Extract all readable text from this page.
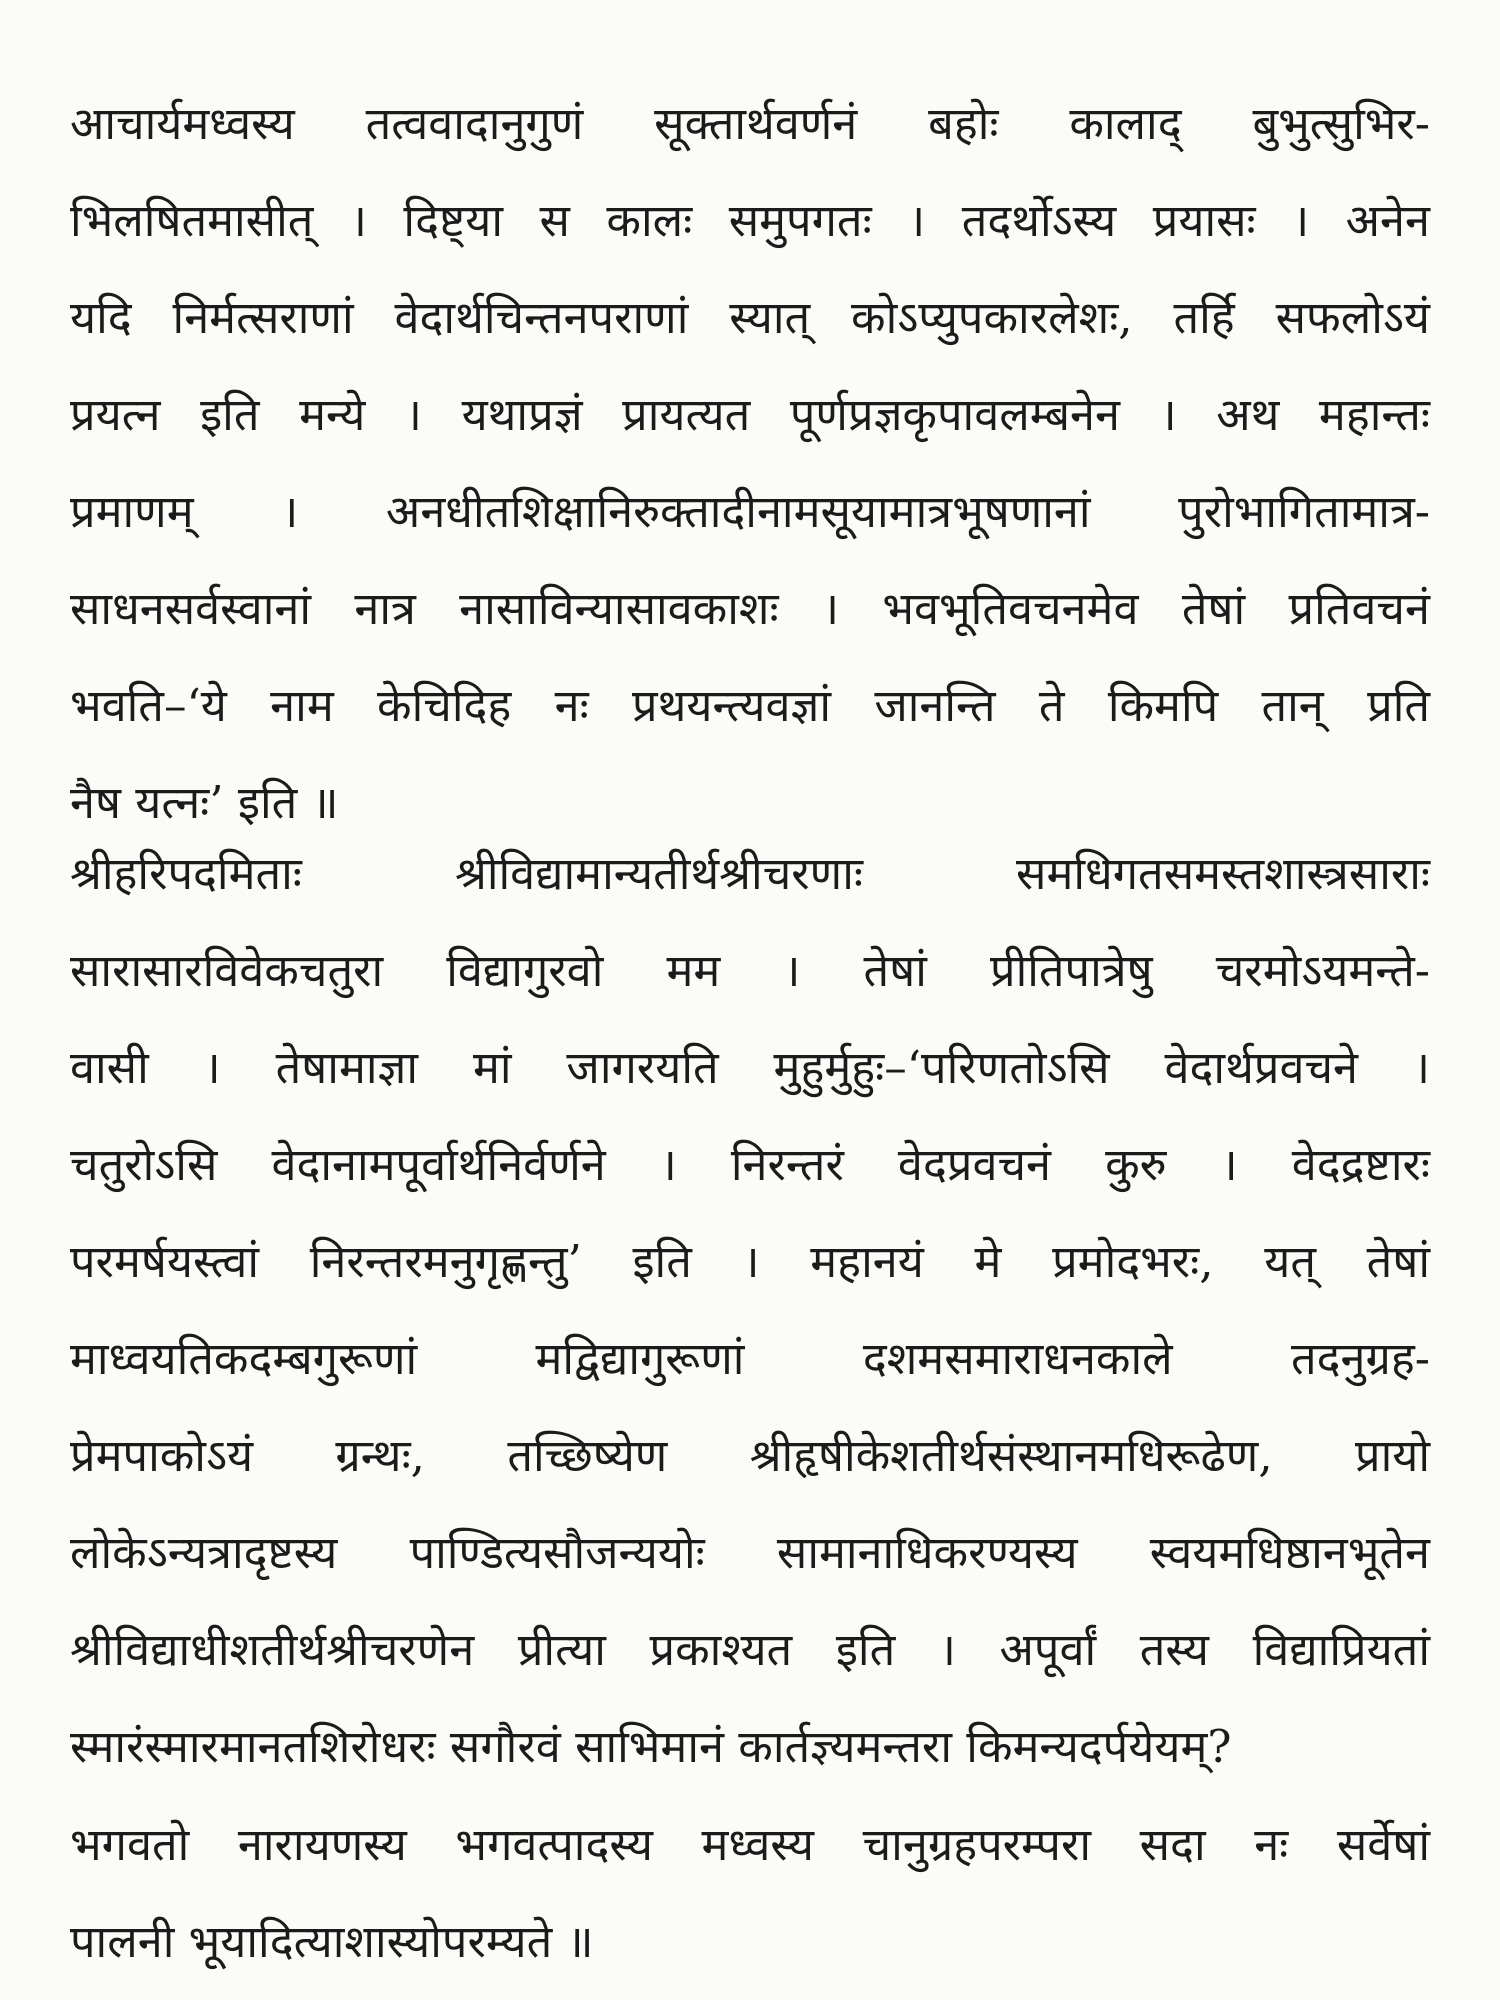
आचार्यमध्वस्य तत्ववादानुगुणं सूक्तार्थवर्णनं बहोः कालाद् बुभुत्सुभिर-
भिलषितमासीत् । दिष्ट्या स कालः समुपगतः । तदर्थोऽस्य प्रयासः । अनेन
यदि निर्मत्सराणां वेदार्थचिन्तनपराणां स्यात् कोऽप्युपकारलेशः, तर्हि सफलोऽयं
प्रयत्न इति मन्ये । यथाप्रज्ञं प्रायत्यत पूर्णप्रज्ञकृपावलम्बनेन । अथ महान्तः
प्रमाणम् । अनधीतशिक्षानिरुक्तादीनामसूयामात्रभूषणानां पुरोभागितामात्र-
साधनसर्वस्वानां नात्र नासाविन्यासावकाशः । भवभूतिवचनमेव तेषां प्रतिवचनं
भवति–‘ये नाम केचिदिह नः प्रथयन्त्यवज्ञां जानन्ति ते किमपि तान् प्रति
नैष यत्नः’ इति ॥
श्रीहरिपदमिताः श्रीविद्यामान्यतीर्थश्रीचरणाः समधिगतसमस्तशास्त्रसाराः
सारासारविवेकचतुरा विद्यागुरवो मम । तेषां प्रीतिपात्रेषु चरमोऽयमन्ते-
वासी । तेषामाज्ञा मां जागरयति मुहुर्मुहुः–‘परिणतोऽसि वेदार्थप्रवचने ।
चतुरोऽसि वेदानामपूर्वार्थनिर्वर्णने । निरन्तरं वेदप्रवचनं कुरु । वेदद्रष्टारः
परमर्षयस्त्वां निरन्तरमनुगृह्णन्तु’ इति । महानयं मे प्रमोदभरः, यत् तेषां
माध्वयतिकदम्बगुरूणां मद्विद्यागुरूणां दशमसमाराधनकाले तदनुग्रह-
प्रेमपाकोऽयं ग्रन्थः, तच्छिष्येण श्रीहृषीकेशतीर्थसंस्थानमधिरूढेण, प्रायो
लोकेऽन्यत्रादृष्टस्य पाण्डित्यसौजन्ययोः सामानाधिकरण्यस्य स्वयमधिष्ठानभूतेन
श्रीविद्याधीशतीर्थश्रीचरणेन प्रीत्या प्रकाश्यत इति । अपूर्वां तस्य विद्याप्रियतां
स्मारंस्मारमानतशिरोधरः सगौरवं साभिमानं कार्तज्ञ्यमन्तरा किमन्यदर्पयेयम्?
भगवतो नारायणस्य भगवत्पादस्य मध्वस्य चानुग्रहपरम्परा सदा नः सर्वेषां
पालनी भूयादित्याशास्योपरम्यते ॥
